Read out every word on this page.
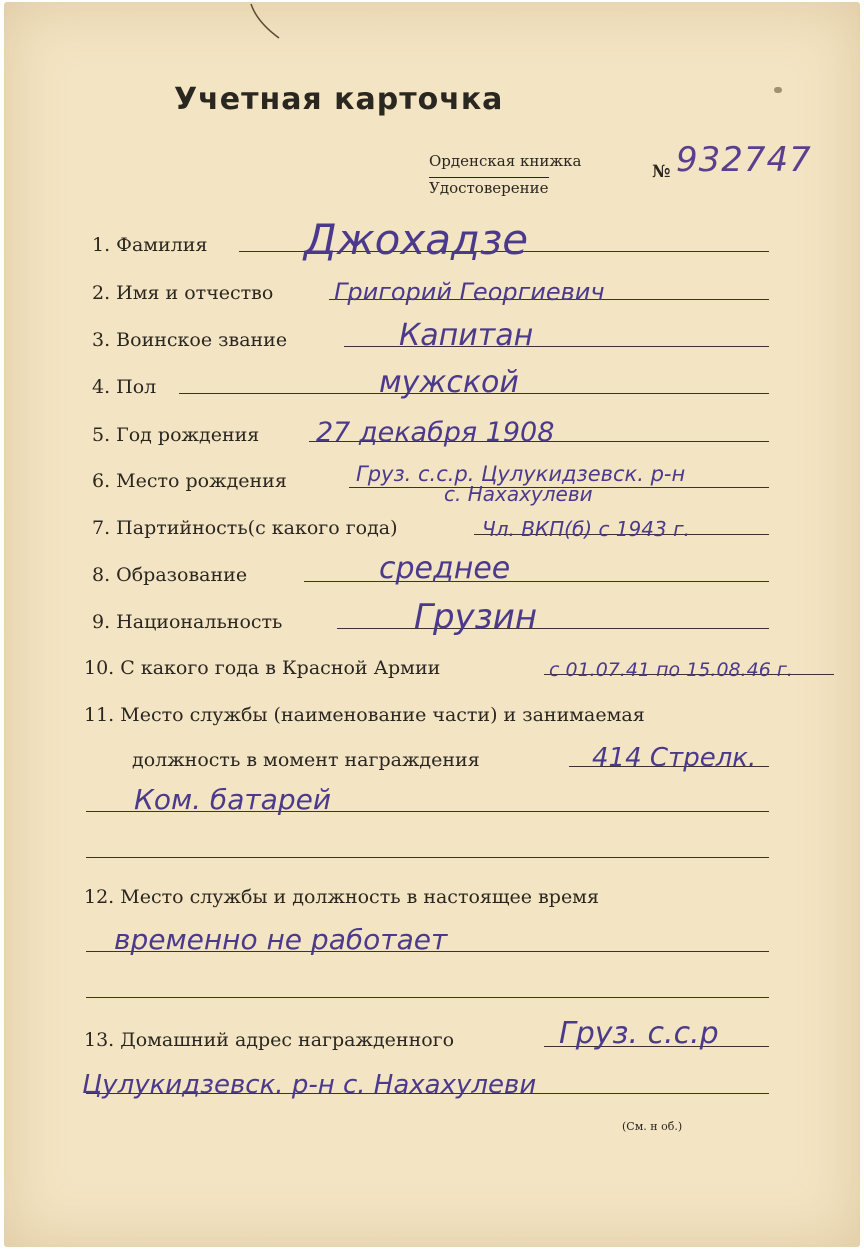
Учетная карточка
Орденская книжка
Удостоверение
№ 932747
1. Фамилия Джохадзе
2. Имя и отчество	Григорий Георгиевич
3. Воинское звание	Капитан
4. Пол	мужской
5. Год рождения 27 декабря 1908
6. Место рождения	Груз. с.с.р. Цулукидзевск. р-н
с. Нахахулеви
7. Партийность(с какого года)	Чл. ВКП(б) с 1943 г.
8. Образование	среднее
9. Национальность	Грузин
10. С какого года в Красной Армии	с 01.07.41 по 15.08.46 г.
11. Место службы (наименование части) и занимаемая
должность в момент награждения	414 Стрелк.
Ком. батарей
12. Место службы и должность в настоящее время
временно не работает
13. Домашний адрес награжденного	Груз. с.с.р
Цулукидзевск. р-н с. Нахахулеви
(См. н об.)
